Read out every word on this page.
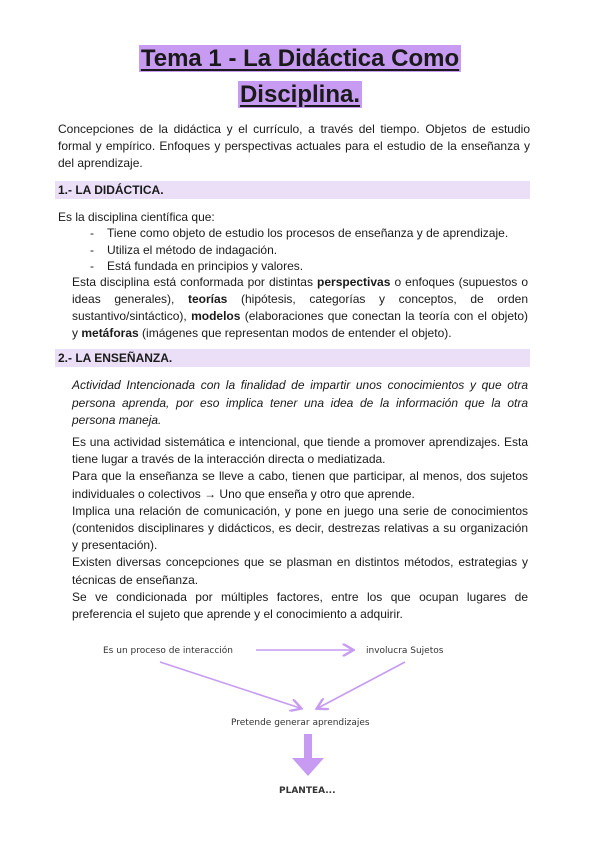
Tema 1 - La Didáctica Como
Disciplina.
Concepciones de la didáctica y el currículo, a través del tiempo. Objetos de estudio formal y empírico. Enfoques y perspectivas actuales para el estudio de la enseñanza y del aprendizaje.
1.- LA DIDÁCTICA.
Es la disciplina científica que:
- Tiene como objeto de estudio los procesos de enseñanza y de aprendizaje.
- Utiliza el método de indagación.
- Está fundada en principios y valores.
Esta disciplina está conformada por distintas perspectivas o enfoques (supuestos o ideas generales), teorías (hipótesis, categorías y conceptos, de orden sustantivo/sintáctico), modelos (elaboraciones que conectan la teoría con el objeto) y metáforas (imágenes que representan modos de entender el objeto).
2.- LA ENSEÑANZA.
Actividad Intencionada con la finalidad de impartir unos conocimientos y que otra persona aprenda, por eso implica tener una idea de la información que la otra persona maneja.
Es una actividad sistemática e intencional, que tiende a promover aprendizajes. Esta tiene lugar a través de la interacción directa o mediatizada.
Para que la enseñanza se lleve a cabo, tienen que participar, al menos, dos sujetos individuales o colectivos → Uno que enseña y otro que aprende.
Implica una relación de comunicación, y pone en juego una serie de conocimientos (contenidos disciplinares y didácticos, es decir, destrezas relativas a su organización y presentación).
Existen diversas concepciones que se plasman en distintos métodos, estrategias y técnicas de enseñanza.
Se ve condicionada por múltiples factores, entre los que ocupan lugares de preferencia el sujeto que aprende y el conocimiento a adquirir.
Es un proceso de interacción	involucra Sujetos
Pretende generar aprendizajes
PLANTEA...
